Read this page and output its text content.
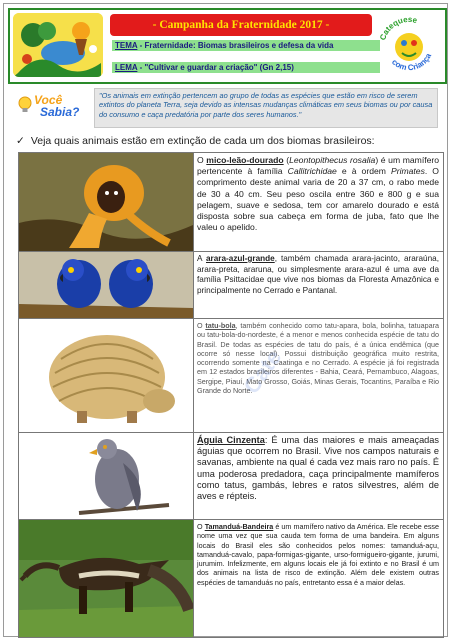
- Campanha da Fraternidade 2017 -
TEMA - Fraternidade: Biomas brasileiros e defesa da vida
LEMA - "Cultivar e guardar a criação" (Gn 2,15)
Catequese
com Criança
Você
Sabia?
"Os animais em extinção pertencem ao grupo de todas as espécies que estão em risco de serem extintos do planeta Terra, seja devido as intensas mudanças climáticas em seus biomas ou por causa do consumo e caça predatória por parte dos seres humanos."
✓ Veja quais animais estão em extinção de cada um dos biomas brasileiros:
O mico-leão-dourado (Leontopithecus rosalia) é um mamífero pertencente à família Callitrichidae e à ordem Primates. O comprimento deste animal varia de 20 a 37 cm, o rabo mede de 30 a 40 cm. Seu peso oscila entre 360 e 800 g e sua pelagem, suave e sedosa, tem cor amarelo dourado e está disposta sobre sua cabeça em forma de juba, fato que lhe valeu o apelido.
A arara-azul-grande, também chamada arara-jacinto, araraúna, arara-preta, araruna, ou simplesmente arara-azul é uma ave da família Psittacidae que vive nos biomas da Floresta Amazônica e principalmente no Cerrado e Pantanal.
O tatu-bola, também conhecido como tatu-apara, bola, bolinha, tatuapara ou tatu-bola-do-nordeste, é a menor e menos conhecida espécie de tatu do Brasil. De todas as espécies de tatu do país, é a única endêmica (que ocorre só nesse local). Possui distribuição geográfica muito restrita, ocorrendo somente na Caatinga e no Cerrado. A espécie já foi registrada em 12 estados brasileiros diferentes - Bahia, Ceará, Pernambuco, Alagoas, Sergipe, Piauí, Mato Grosso, Goiás, Minas Gerais, Tocantins, Paraíba e Rio Grande do Norte.
Cate
Águia Cinzenta: É uma das maiores e mais ameaçadas águias que ocorrem no Brasil. Vive nos campos naturais e savanas, ambiente na qual é cada vez mais raro no país. É uma poderosa predadora, caça principalmente mamíferos como tatus, gambás, lebres e ratos silvestres, além de aves e répteis.
O Tamanduá-Bandeira é um mamífero nativo da América. Ele recebe esse nome uma vez que sua cauda tem forma de uma bandeira. Em alguns locais do Brasil eles são conhecidos pelos nomes: tamanduá-açu, tamanduá-cavalo, papa-formigas-gigante, urso-formigueiro-gigante, jurumi, jurumim. Infelizmente, em alguns locais ele já foi extinto e no Brasil é um dos animais na lista de risco de extinção. Além dele existem outras espécies de tamanduás no país, entretanto essa é a maior delas.
